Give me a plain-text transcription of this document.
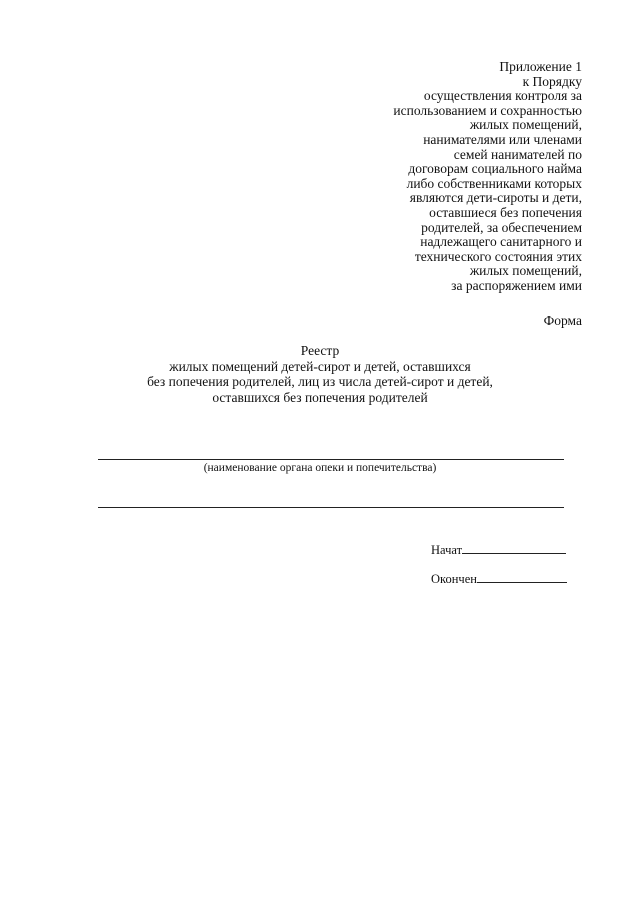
Приложение 1
к Порядку
осуществления контроля за
использованием и сохранностью
жилых помещений,
нанимателями или членами
семей нанимателей по
договорам социального найма
либо собственниками которых
являются дети-сироты и дети,
оставшиеся без попечения
родителей, за обеспечением
надлежащего санитарного и
технического состояния этих
жилых помещений,
за распоряжением ими
Форма
Реестр
жилых помещений детей-сирот и детей, оставшихся
без попечения родителей, лиц из числа детей-сирот и детей,
оставшихся без попечения родителей
(наименование органа опеки и попечительства)
Начат
Окончен
